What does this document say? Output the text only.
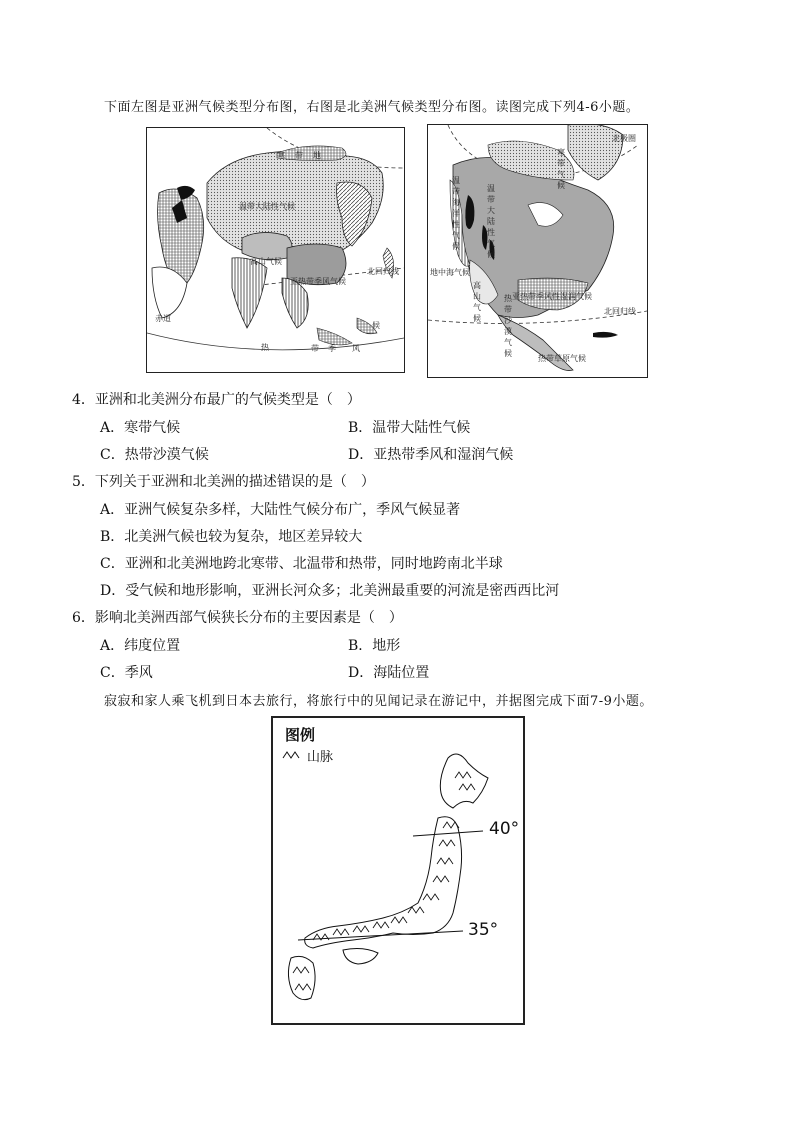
下面左图是亚洲气候类型分布图，右图是北美洲气候类型分布图。读图完成下列4-6小题。
温带大陆性气候
高山气候
亚热带季风气候
北回归线
赤道
热	带 季 风
候
寒 带 地
北极圈
温
带
大
陆
性
气
候
温
带
海
洋
性
气
候
地中海气候
亚热带季风性湿润气候
北回归线
高
山
气
候
热
带
沙
漠
气
候
热带草原气候
寒
带
气
候
4．亚洲和北美洲分布最广的气候类型是（　）
A．寒带气候	B．温带大陆性气候
C．热带沙漠气候	D．亚热带季风和湿润气候
5．下列关于亚洲和北美洲的描述错误的是（　）
A．亚洲气候复杂多样，大陆性气候分布广，季风气候显著
B．北美洲气候也较为复杂，地区差异较大
C．亚洲和北美洲地跨北寒带、北温带和热带，同时地跨南北半球
D．受气候和地形影响，亚洲长河众多；北美洲最重要的河流是密西西比河
6．影响北美洲西部气候狭长分布的主要因素是（　）
A．纬度位置	B．地形
C．季风	D．海陆位置
寂寂和家人乘飞机到日本去旅行，将旅行中的见闻记录在游记中，并据图完成下面7-9小题。
图例
山脉
40°
35°
